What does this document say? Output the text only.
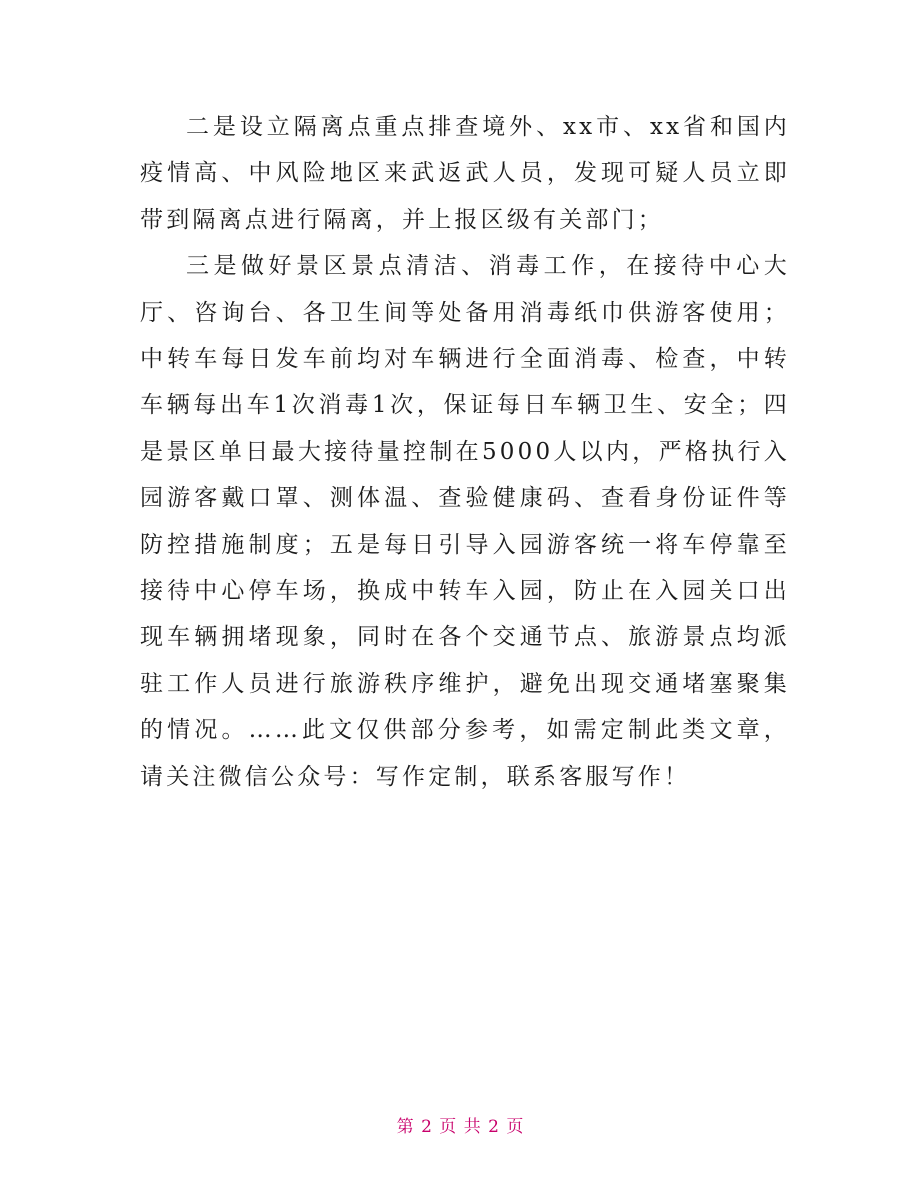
二是设立隔离点重点排查境外、xx市、xx省和国内疫情高、中风险地区来武返武人员，发现可疑人员立即带到隔离点进行隔离，并上报区级有关部门；

三是做好景区景点清洁、消毒工作，在接待中心大厅、咨询台、各卫生间等处备用消毒纸巾供游客使用；中转车每日发车前均对车辆进行全面消毒、检查，中转车辆每出车1次消毒1次，保证每日车辆卫生、安全；四是景区单日最大接待量控制在5000人以内，严格执行入园游客戴口罩、测体温、查验健康码、查看身份证件等防控措施制度；五是每日引导入园游客统一将车停靠至接待中心停车场，换成中转车入园，防止在入园关口出现车辆拥堵现象，同时在各个交通节点、旅游景点均派驻工作人员进行旅游秩序维护，避免出现交通堵塞聚集的情况。……此文仅供部分参考，如需定制此类文章，请关注微信公众号：写作定制，联系客服写作！

第 2 页 共 2 页
